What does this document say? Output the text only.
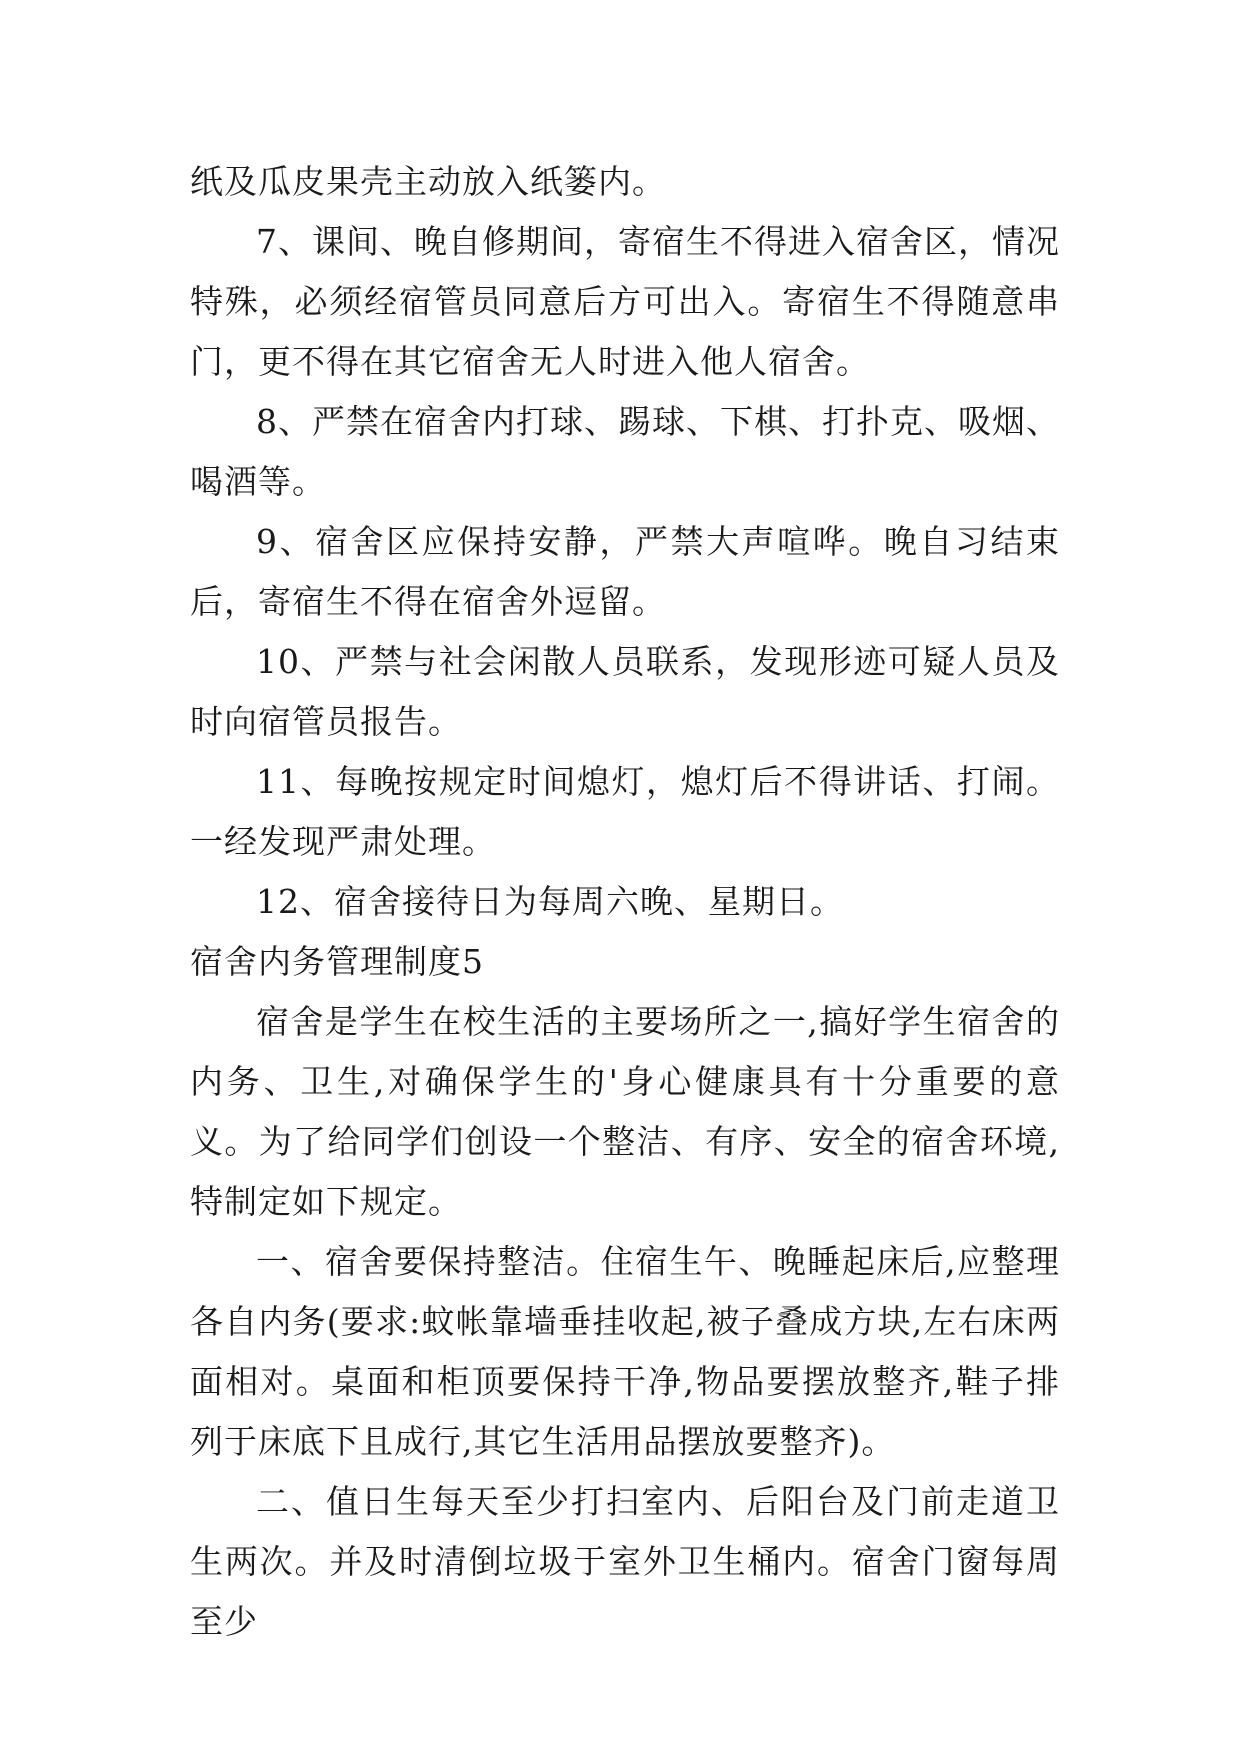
纸及瓜皮果壳主动放入纸篓内。

7、课间、晚自修期间，寄宿生不得进入宿舍区，情况特殊，必须经宿管员同意后方可出入。寄宿生不得随意串门，更不得在其它宿舍无人时进入他人宿舍。

8、严禁在宿舍内打球、踢球、下棋、打扑克、吸烟、喝酒等。

9、宿舍区应保持安静，严禁大声喧哗。晚自习结束后，寄宿生不得在宿舍外逗留。

10、严禁与社会闲散人员联系，发现形迹可疑人员及时向宿管员报告。

11、每晚按规定时间熄灯，熄灯后不得讲话、打闹。一经发现严肃处理。

12、宿舍接待日为每周六晚、星期日。

宿舍内务管理制度5

宿舍是学生在校生活的主要场所之一,搞好学生宿舍的内务、卫生,对确保学生的'身心健康具有十分重要的意义。为了给同学们创设一个整洁、有序、安全的宿舍环境,特制定如下规定。

一、宿舍要保持整洁。住宿生午、晚睡起床后,应整理各自内务(要求:蚊帐靠墙垂挂收起,被子叠成方块,左右床两面相对。桌面和柜顶要保持干净,物品要摆放整齐,鞋子排列于床底下且成行,其它生活用品摆放要整齐)。

二、值日生每天至少打扫室内、后阳台及门前走道卫生两次。并及时清倒垃圾于室外卫生桶内。宿舍门窗每周至少
